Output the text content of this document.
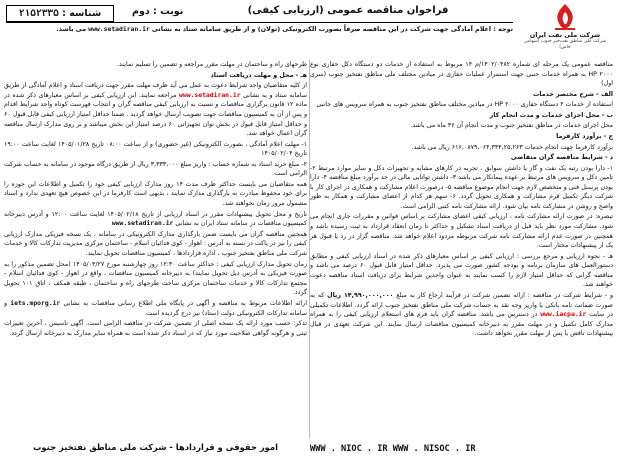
شرکت ملی نفت ایران
شرکت ملی مناطق نفت‌خیز جنوب (سهامی خاص)
فراخوان مناقصه عمومی (ارزیابی کیفی)
نوبت : دوم
شناسه : ۲۱۵۲۳۳۵
توجه : اعلام آمادگی جهت شرکت در این مناقصه صرفاً بصورت الکترونیکی (تولان) و از طریق سامانه ستاد به نشانی www.setadiran.ir می باشد.

مناقصه عمومی یک مرحله ای شماره ۱۴۰۲/۰۴۸۲/م ۱۴ مربوط به استفاده از خدمات دو دستگاه دکل حفاری نوع ۲۰۰۰ HP به همراه خدمات جنبی جهت استمرار عملیات حفاری در میادین مختلف ملی مناطق نفتخیز جنوب (سری اول)

الف - شرح مختصر خدمات

استفاده از خدمات ۲ دستگاه حفاری ۲۰۰۰ HP در میادین مختلف مناطق نفتخیز جنوب به همراه سرویس های جانبی

ب - محل اجرای خدمات و مدت انجام کار

محل اجرای خدمات در مناطق نفتخیز جنوب و مدت انجام آن ۳۶ ماه می باشد.

ج - برآورد کارفرما

برآورد کارفرما جهت انجام خدمات ۶۱۶,۰۸۷۹,۰۶۴,۳۴۴,۲۵,۲۶۳ ریال می باشد.

د - شرایط مناقصه گران متقاضی

۱- دارا بودن رتبه یک نفت و گاز یا داشتن سوابق ، تجربه در کارهای مشابه و تجهیزات دکل و سایر موارد مرتبط ۲- تامین دکل و سرویس های مرتبط بر عهده پیمانکار می باشد ۳- داشتن توانایی مالی در حد برآورد مبلغ مناقصه ۴- دارا بودن پرسنل فنی و متخصص لازم جهت انجام موضوع مناقصه ۵- درصورت اعلام مشارکت و همکاری در اجرای کار با شرکت دیگر تکمیل فرم مشارکت و همکاری تحویل گردد. ۶- سهم هر کدام از اعضای مشارکت و همکار به طور واضح و روشن در مشارکت نامه بیان شود. ارائه مشارکت نامه کتبی الزامی است.

تبصره: در صورت ارائه مشارکت نامه ، ارزیابی کیفی اعضای مشارکت بر اساس قوانین و مقررات جاری انجام می شود. مشارکت مورد نظر باید قبل از دریافت اسناد تشکیل و حداکثر تا زمان انعقاد قرارداد به ثبت رسیده باشد و همچنین در صورت عدم ارائه مشارکت نامه شرکت مربوطه مردود اعلام خواهد شد. مناقصه گزار در رد یا قبول هر یک از پیشنهادات مختار است.

هـ - نحوه ارزیابی و مرجع بررسی : ارزیابی کیفی بر اساس معیارهای ذکر شده در اسناد ارزیابی کیفی و مطابق دستورالعمل های سازمان برنامه و بودجه کشور صورت می پذیرد. حداقل امتیاز قابل قبول ۶۰ درصد می باشد و مناقصه گرانی که حداقل امتیاز لازم را کسب نمایند به عنوان واجدین شرایط برای دریافت اسناد مناقصه دعوت خواهند شد.

و - شرایط شرکت در مناقصه : ارائه تضمین شرکت در فرآیند ارجاع کار به مبلغ ۱۴,۹۹۰,۰۰۰,۰۰۰ ریال که به صورت ضمانت نامه بانکی یا واریز وجه نقد به حساب شرکت ملی مناطق نفتخیز جنوب ارائه گردد. اطلاعات تکمیلی در سایت www.iacpa.ir در دسترس می باشد. مناقصه گران باید فرم های استعلام ارزیابی کیفی را به همراه مدارک کامل تکمیل و در مهلت مقرر به دبیرخانه کمیسیون مناقصات ارسال نمایند. این شرکت تعهدی در قبال پیشنهادات ناقص یا پس از مهلت مقرر نخواهد داشت.

طرحهای راه و ساختمان در مهلت مقرر مراجعه و تضمین را تسلیم نمایند.

هـ - محل و مهلت دریافت اسناد

از کلیه متقاضیان واجد شرایط دعوت به عمل می آید ظرف مهلت مقرر جهت دریافت اسناد و اعلام آمادگی از طریق سامانه ستاد و به نشانی www.setadiran.ir مراجعه نمایند. این ارزیابی کیفی بر اساس معیارهای ذکر شده در ماده ۱۲ قانون برگزاری مناقصات و نسبت به ارزیابی کیفی مناقصه گران و انتخاب فهرست کوتاه واجد شرایط اقدام و پس از آن به کمیسیون مناقصات جهت تصویب ارسال خواهد گردید . ضمنا حداقل امتیاز ارزیابی کیفی قابل قبول ۶۰ و حداقل امتیاز قابل قبول در بخش توان تجهیزاتی ۶۰ درصد امتیاز این بخش میباشد و بر روی مدارک ارسال مناقصه گران اعمال خواهد شد.

۱- مهلت اعلام آمادگی ، بصورت الکترونیکی (غیر حضوری) و از ساعت ۰۸:۰۰ تاریخ ۱۴۰۵/۰۱/۲۸ لغایت ساعت ۱۹:۰۰ تاریخ ۱۴۰۵/۰۲/۰۴

۲- مبلغ خرید اسناد به شماره حساب : واریز مبلغ ۳,۳۳۳,۰۰۰ ریال از طریق درگاه موجود در سامانه به حساب شرکت الزامی است.

همه متقاضیان می بایست حداکثر ظرف مدت ۱۴ روز مدارک ارزیابی کیفی خود را تکمیل و اطلاعات این حوزه را برای خود محفوظ مبادرت به بارگذاری مدارک نمایند ، بدیهی است کارفرما در این خصوص هیچ تعهدی ندارد و اسناد مشمول مرور زمان نخواهند شد.

تاریخ و محل تحویل پیشنهادات مقرر در اسناد ارزیابی از تاریخ ۱۴۰۵/۰۲/۱۸ لغایت ساعت ۱۲:۰۰ و آدرس دبیرخانه کمیسیون مناقصات در سامانه ستاد ایران به نشانی www.setadiran.ir

همچنین مناقصه گران می بایست ضمن بارگذاری مدارک الکترونیکی در سامانه ، یک نسخه فیزیکی مدارک ارزیابی کیفی را نیز در پاکت در بسته به آدرس : اهواز - کوی فدائیان اسلام - ساختمان مرکزی مدیریت تدارکات کالا و خدمات شرکت ملی مناطق نفتخیز جنوب ، اداره قراردادها ، کمیسیون مناقصات تحویل نمایند.

زمان تحویل مدارک ارزیابی کیفی : حداکثر ساعت ۱۲:۳۰ روز چهارشنبه مورخ ۱۴۰۵/۰۳/۲۷ (محل تضمین مذکور را به صورت فیزیکی به آدرس ذیل تحویل نمایند) به دبیرخانه کمیسیون مناقصات ، واقع در اهواز - کوی فدائیان اسلام - مجتمع تدارکات کالا و خدمات ساختمان مرکزی ساخت طرحهای راه و ساختمان ، طبقه همکف ، اتاق ۱۰۱ تحویل گردد.

ارائه اطلاعات مربوط به مناقصه و آگهی در پایگاه ملی اطلاع رسانی مناقصات به نشانی iets.mporg.ir و سامانه تدارکات الکترونیکی دولت (ستاد) نیز درج گردیده است.

تذکر: حسب مورد ارائه یک نسخه اصلی از تضمین شرکت در مناقصه الزامی است. آگهی تاسیس ، آخرین تغییرات ثبتی و هرگونه گواهی صلاحیت مورد نیاز که در اسناد ذکر شده است به همراه سایر مدارک به دبیرخانه ارسال گردد.

امور حقوقی و قراردادها - شرکت ملی مناطق نفتخیز جنوب	WWW . NIOC . IR WWW . NISOC . IR
